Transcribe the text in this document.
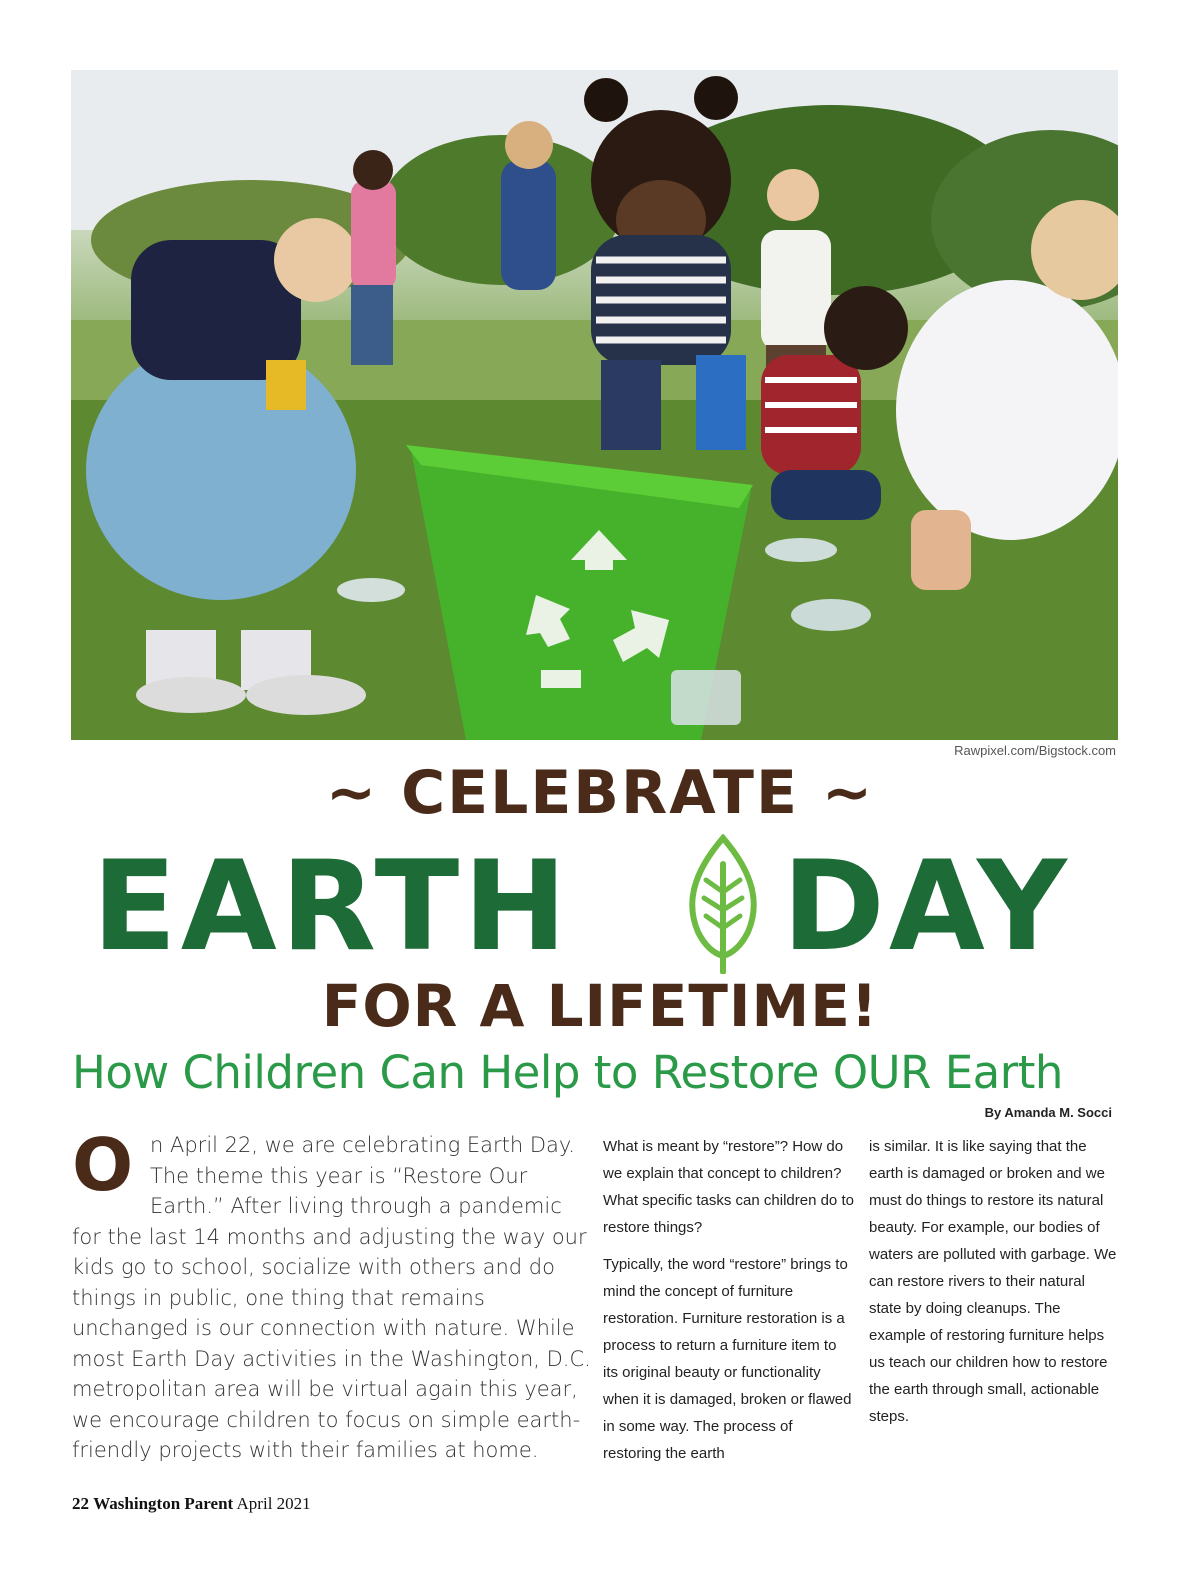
Rawpixel.com/Bigstock.com
~ CELEBRATE ~
EARTH DAY
FOR A LIFETIME!
How Children Can Help to Restore OUR Earth
By Amanda M. Socci
O n April 22, we are celebrating Earth Day. The theme this year is “Restore Our Earth.” After living through a pandemic for the last 14 months and adjusting the way our kids go to school, socialize with others and do things in public, one thing that remains unchanged is our connection with nature. While most Earth Day activities in the Washington, D.C. metropolitan area will be virtual again this year, we encourage children to focus on simple earth-friendly projects with their families at home.

What is meant by “restore”? How do we explain that concept to children? What specific tasks can children do to restore things?

Typically, the word “restore” brings to mind the concept of furniture restoration. Furniture restoration is a process to return a furniture item to its original beauty or functionality when it is damaged, broken or flawed in some way. The process of restoring the earth

is similar. It is like saying that the earth is damaged or broken and we must do things to restore its natural beauty. For example, our bodies of waters are polluted with garbage. We can restore rivers to their natural state by doing cleanups. The example of restoring furniture helps us teach our children how to restore the earth through small, actionable steps.

22 Washington Parent April 2021
